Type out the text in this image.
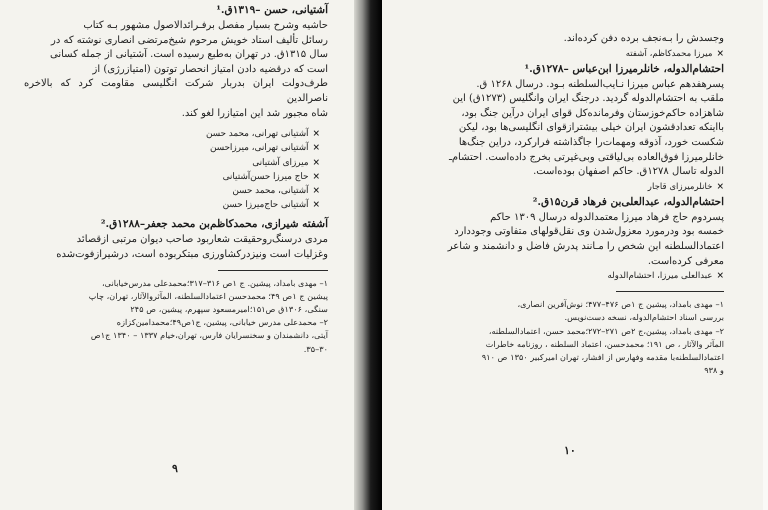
آشتیانی، حسن –۱۳۱۹ق.¹

حاشیه وشرح بسیار مفصل برفـرائدالاصول مشهور بـه کتاب

رسائل تألیف استاد خویش مرحوم شیخ‌مرتضی انصاری نوشته که در

سال ۱۳۱۵ق. در تهران به‌طبع رسیده است. آشتیانی از جمله کسانی

است که درقضیه دادن امتیاز انحصار توتون (امتیازرژی) از

طرف‌دولت ایران بدربار شرکت انگلیسی مقاومت کرد که بالاخره ناصرالدین

شاه مجبور شد این امتیازرا لغو کند.

×
آشتیانی تهرانی، محمد حسن
×
آشتیانی تهرانی، میرزاحسن
×
میرزای آشتیانی
×
حاج میرزا حسن‌آشتیانی
×
آشتیانی، محمد حسن
×
آشتیانی حاج‌میرزا حسن

آشفته شیرازی، محمدکاظم‌بن محمد جعفر–۱۲۸۸ق.²

مردی درسنگ‌روحقیقت شعاربود صاحب دیوان مرتبی ازقصائد

وغزلیات است ونیزدرکشاورزی مبتکربوده است، درشیرازفوت‌شده

۱– مهدی بامداد، پیشین. ج ۱ص ۳۱۶–۳۱۷؛محمدعلی مدرس‌خیابانی،

پیشین ج ۱ص ۴۹؛ محمدحسن اعتمادالسلطنه، المآثروالآثار، تهران، چاپ

سنگی، ۱۳۰۶ق ص۱۵۱؛امیرمسعود سپهرم، پیشین، ص ۲۴۵

۲– محمدعلی مدرس خیابانی، پیشین، ج۱ص۴۹؛محمدامین‌کزازه

آیتی، دانشمندان و سخنسرایان فارس، تهران،خیام ۱۳۳۷ – ۱۳۴۰ ج۱ص

۳۰–۳۵.

۹

وجسدش را بـه‌نجف برده دفن کرده‌اند.

×
میرزا محمدکاظم، آشفته

احتشام‌الدوله، خانلرمیرزا ابن‌عباس –۱۲۷۸ق.¹

پسرهفدهم عباس میرزا نـایب‌السلطنه بـود. درسال ۱۲۶۸ ق.

ملقب به احتشام‌الدوله گردید. درجنگ ایران وانگلیس (۱۲۷۳ق) این

شاهزاده حاکم‌خوزستان وفرمانده‌کل قوای ایران درآین جنگ بود،

بااینکه تعدادقشون ایران خیلی بیشترازقوای انگلیسی‌ها بود، لیکن

شکست خورد، آذوقه ومهمات‌را جاگذاشته فرارکرد، دراین جنگ‌ها

خانلرمیرزا فوق‌العاده بی‌لیاقتی وبی‌غیرتی بخرج داده‌است. احتشام‌ـ

الدوله تاسال ۱۲۷۸ق. حاکم اصفهان بوده‌است.

×
خانلرمیرزای قاجار

احتشام‌الدوله، عبدالعلی‌بن فرهاد قرن۱۵ق.²

پسردوم حاج فرهاد میرزا معتمدالدوله درسال ۱۳۰۹ حاکم

خمسه بود ودرمورد معزول‌شدن وی نقل‌قولهای متفاوتی وجوددارد

اعتمادالسلطنه این شخص را مـانند پدرش فاضل و دانشمند و شاعر

معرفی کرده‌است.

×
عبدالعلی میرزا، احتشام‌الدوله

۱– مهدی بامداد، پیشین ج ۱ص ۴۷۶–۴۷۷؛ نوش‌آفرین انصاری،

بررسی اسناد احتشام‌الدوله، نسخه دست‌نویس.

۲– مهدی بامداد، پیشین،ج ۲ص ۲۷۱–۲۷۲؛محمد حسن، اعتمادالسلطنه،

المآثر والآثار ، ص ۱۹۱؛ محمدحسن، اعتماد السلطنه ، روزنامه خاطرات

اعتمادالسلطنه‌با مقدمه وفهارس از افشار، تهران امیرکبیر ۱۳۵۰ ص ۹۱۰

و ۹۳۸

۱۰
